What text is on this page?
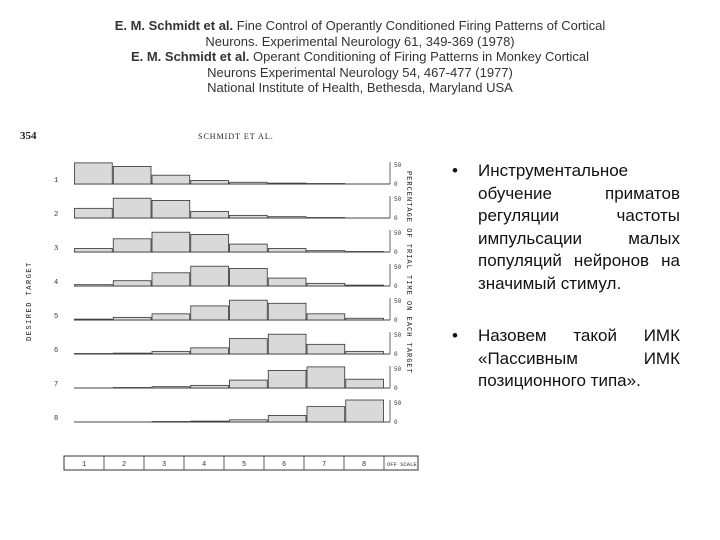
E. M. Schmidt et al. Fine Control of Operantly Conditioned Firing Patterns of Cortical
Neurons. Experimental Neurology 61, 349-369 (1978)
E. M. Schmidt et al. Operant Conditioning of Firing Patterns in Monkey Cortical
Neurons Experimental Neurology 54, 467-477 (1977)
National Institute of Health, Bethesda, Maryland USA
354	SCHMIDT ET AL.
DESIRED TARGET	PERCENTAGE OF TRIAL TIME ON EACH TARGET
1
50
0
2
50
0
3
50
0
4
50
0
5
50
0
6
50
0
7
50
0
8
50
0
1	2	3	4	5	6	7	8	OFF SCALE
• Инструментальное обучение приматов регуляции частоты импульсации малых популяций нейронов на значимый стимул.
• Назовем такой ИМК «Пассивным ИМК позиционного типа».
